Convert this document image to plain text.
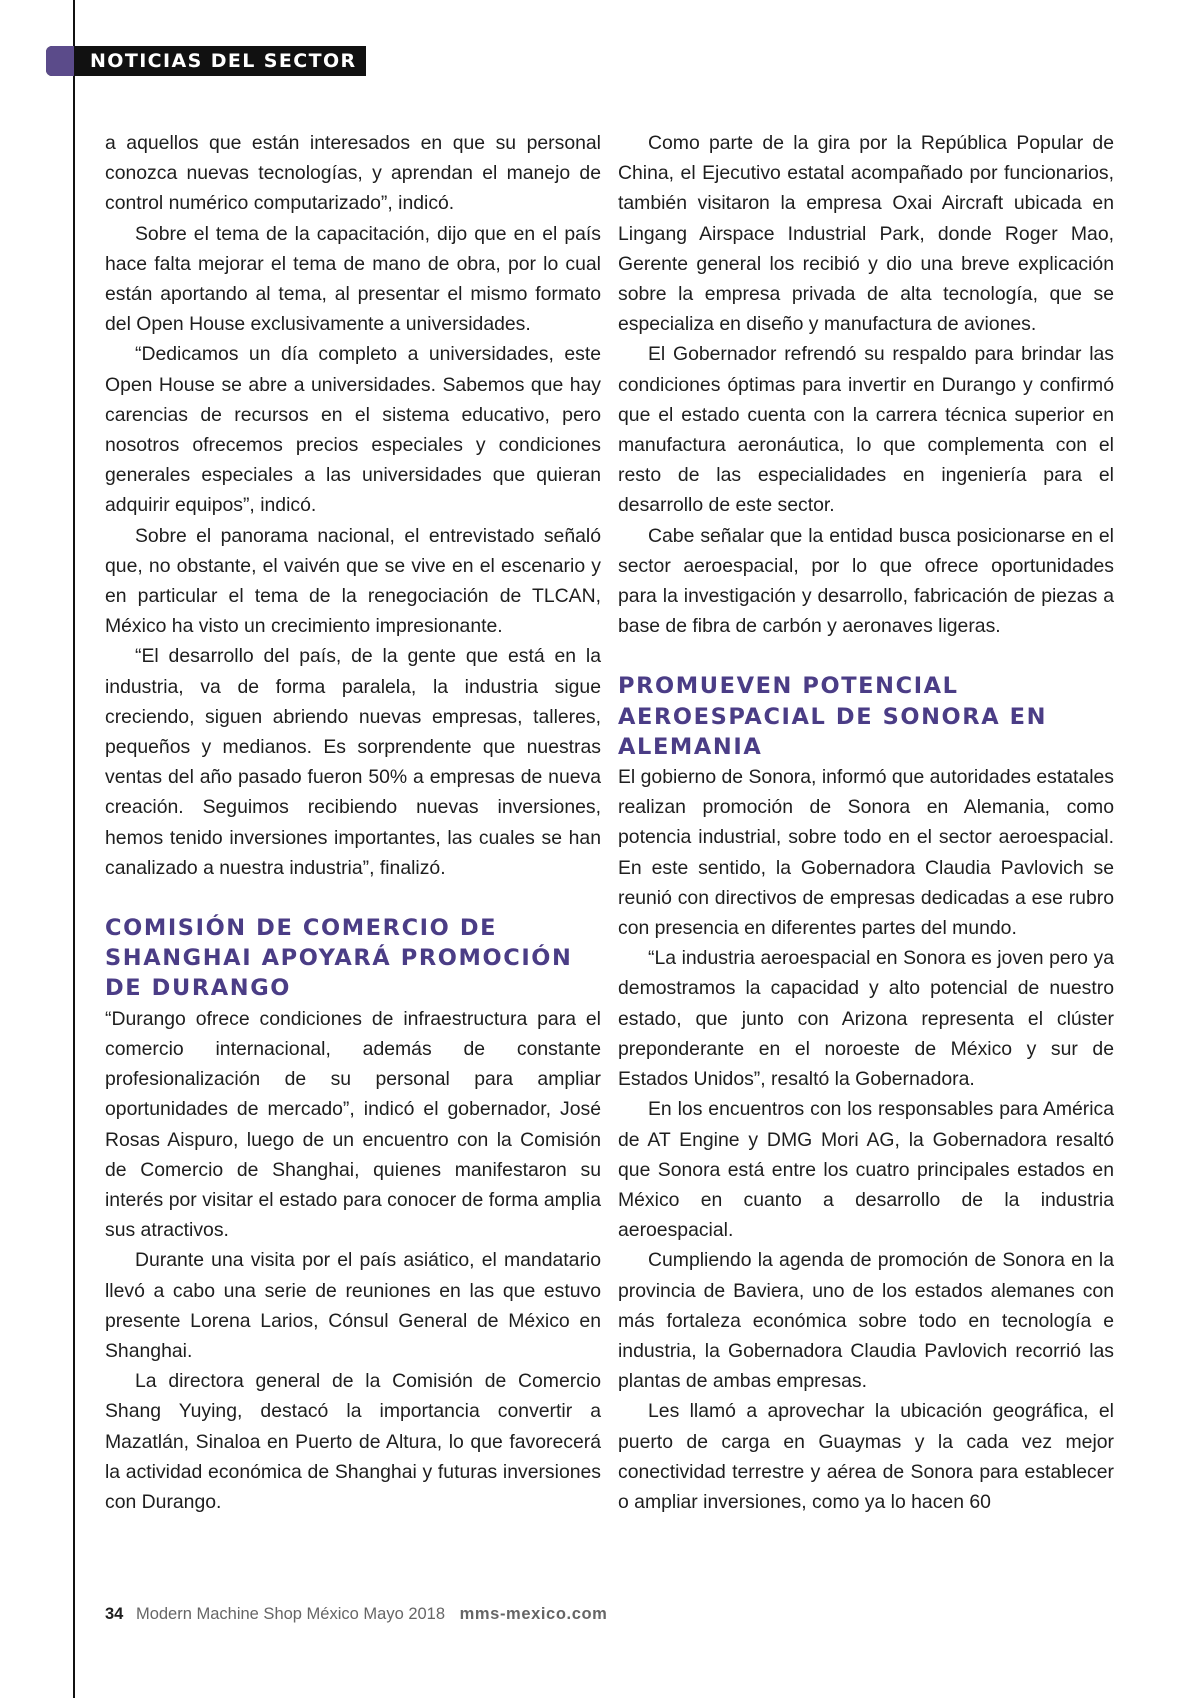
NOTICIAS DEL SECTOR

a aquellos que están interesados en que su personal conozca nuevas tecnologías, y aprendan el manejo de control numérico computarizado”, indicó.

Sobre el tema de la capacitación, dijo que en el país hace falta mejorar el tema de mano de obra, por lo cual están aportando al tema, al presentar el mismo formato del Open House exclusivamente a universidades.

“Dedicamos un día completo a universidades, este Open House se abre a universidades. Sabemos que hay carencias de recursos en el sistema educativo, pero nosotros ofrecemos precios especiales y condiciones generales especiales a las universidades que quieran adquirir equipos”, indicó.

Sobre el panorama nacional, el entrevistado señaló que, no obstante, el vaivén que se vive en el escenario y en particular el tema de la renegociación de TLCAN, México ha visto un crecimiento impresionante.

“El desarrollo del país, de la gente que está en la industria, va de forma paralela, la industria sigue creciendo, siguen abriendo nuevas empresas, talleres, pequeños y medianos. Es sorprendente que nuestras ventas del año pasado fueron 50% a empresas de nueva creación. Seguimos recibiendo nuevas inversiones, hemos tenido inversiones importantes, las cuales se han canalizado a nuestra industria”, finalizó.

COMISIÓN DE COMERCIO DE SHANGHAI APOYARÁ PROMOCIÓN DE DURANGO

“Durango ofrece condiciones de infraestructura para el comercio internacional, además de constante profesionalización de su personal para ampliar oportunidades de mercado”, indicó el gobernador, José Rosas Aispuro, luego de un encuentro con la Comisión de Comercio de Shanghai, quienes manifestaron su interés por visitar el estado para conocer de forma amplia sus atractivos.

Durante una visita por el país asiático, el mandatario llevó a cabo una serie de reuniones en las que estuvo presente Lorena Larios, Cónsul General de México en Shanghai.

La directora general de la Comisión de Comercio Shang Yuying, destacó la importancia convertir a Mazatlán, Sinaloa en Puerto de Altura, lo que favorecerá la actividad económica de Shanghai y futuras inversiones con Durango.

Como parte de la gira por la República Popular de China, el Ejecutivo estatal acompañado por funcionarios, también visitaron la empresa Oxai Aircraft ubicada en Lingang Airspace Industrial Park, donde Roger Mao, Gerente general los recibió y dio una breve explicación sobre la empresa privada de alta tecnología, que se especializa en diseño y manufactura de aviones.

El Gobernador refrendó su respaldo para brindar las condiciones óptimas para invertir en Durango y confirmó que el estado cuenta con la carrera técnica superior en manufactura aeronáutica, lo que complementa con el resto de las especialidades en ingeniería para el desarrollo de este sector.

Cabe señalar que la entidad busca posicionarse en el sector aeroespacial, por lo que ofrece oportunidades para la investigación y desarrollo, fabricación de piezas a base de fibra de carbón y aeronaves ligeras.

PROMUEVEN POTENCIAL AEROESPACIAL DE SONORA EN ALEMANIA

El gobierno de Sonora, informó que autoridades estatales realizan promoción de Sonora en Alemania, como potencia industrial, sobre todo en el sector aeroespacial. En este sentido, la Gobernadora Claudia Pavlovich se reunió con directivos de empresas dedicadas a ese rubro con presencia en diferentes partes del mundo.

“La industria aeroespacial en Sonora es joven pero ya demostramos la capacidad y alto potencial de nuestro estado, que junto con Arizona representa el clúster preponderante en el noroeste de México y sur de Estados Unidos”, resaltó la Gobernadora.

En los encuentros con los responsables para América de AT Engine y DMG Mori AG, la Gobernadora resaltó que Sonora está entre los cuatro principales estados en México en cuanto a desarrollo de la industria aeroespacial.

Cumpliendo la agenda de promoción de Sonora en la provincia de Baviera, uno de los estados alemanes con más fortaleza económica sobre todo en tecnología e industria, la Gobernadora Claudia Pavlovich recorrió las plantas de ambas empresas.

Les llamó a aprovechar la ubicación geográfica, el puerto de carga en Guaymas y la cada vez mejor conectividad terrestre y aérea de Sonora para establecer o ampliar inversiones, como ya lo hacen 60

34 Modern Machine Shop México Mayo 2018 mms-mexico.com
